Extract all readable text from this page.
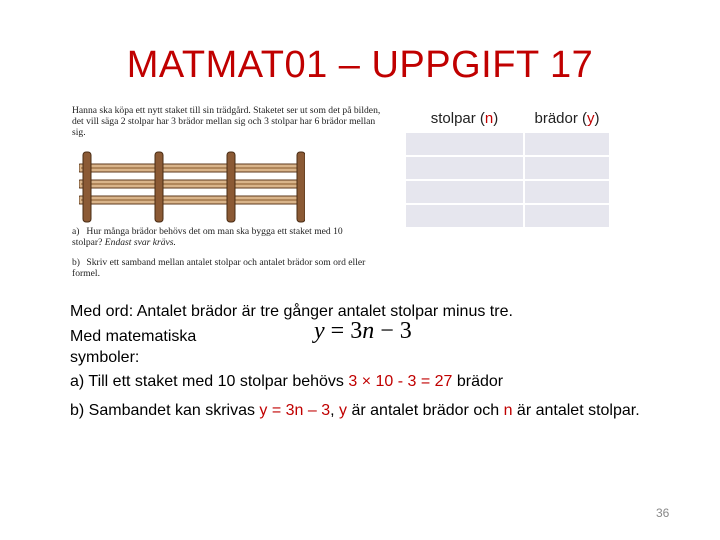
MATMAT01 – UPPGIFT 17
Hanna ska köpa ett nytt staket till sin trädgård. Staketet ser ut som det på bilden, det vill säga 2 stolpar har 3 brädor mellan sig och 3 stolpar har 6 brädor mellan sig.
a) Hur många brädor behövs det om man ska bygga ett staket med 10 stolpar? Endast svar krävs.
b) Skriv ett samband mellan antalet stolpar och antalet brädor som ord eller formel.
stolpar (n)	brädor (y)

Med ord: Antalet brädor är tre gånger antalet stolpar minus tre.
Med matematiska
symboler:
y = 3n − 3
a) Till ett staket med 10 stolpar behövs 3 × 10 - 3 = 27 brädor
b) Sambandet kan skrivas y = 3n – 3, y är antalet brädor och n är antalet stolpar.
36
